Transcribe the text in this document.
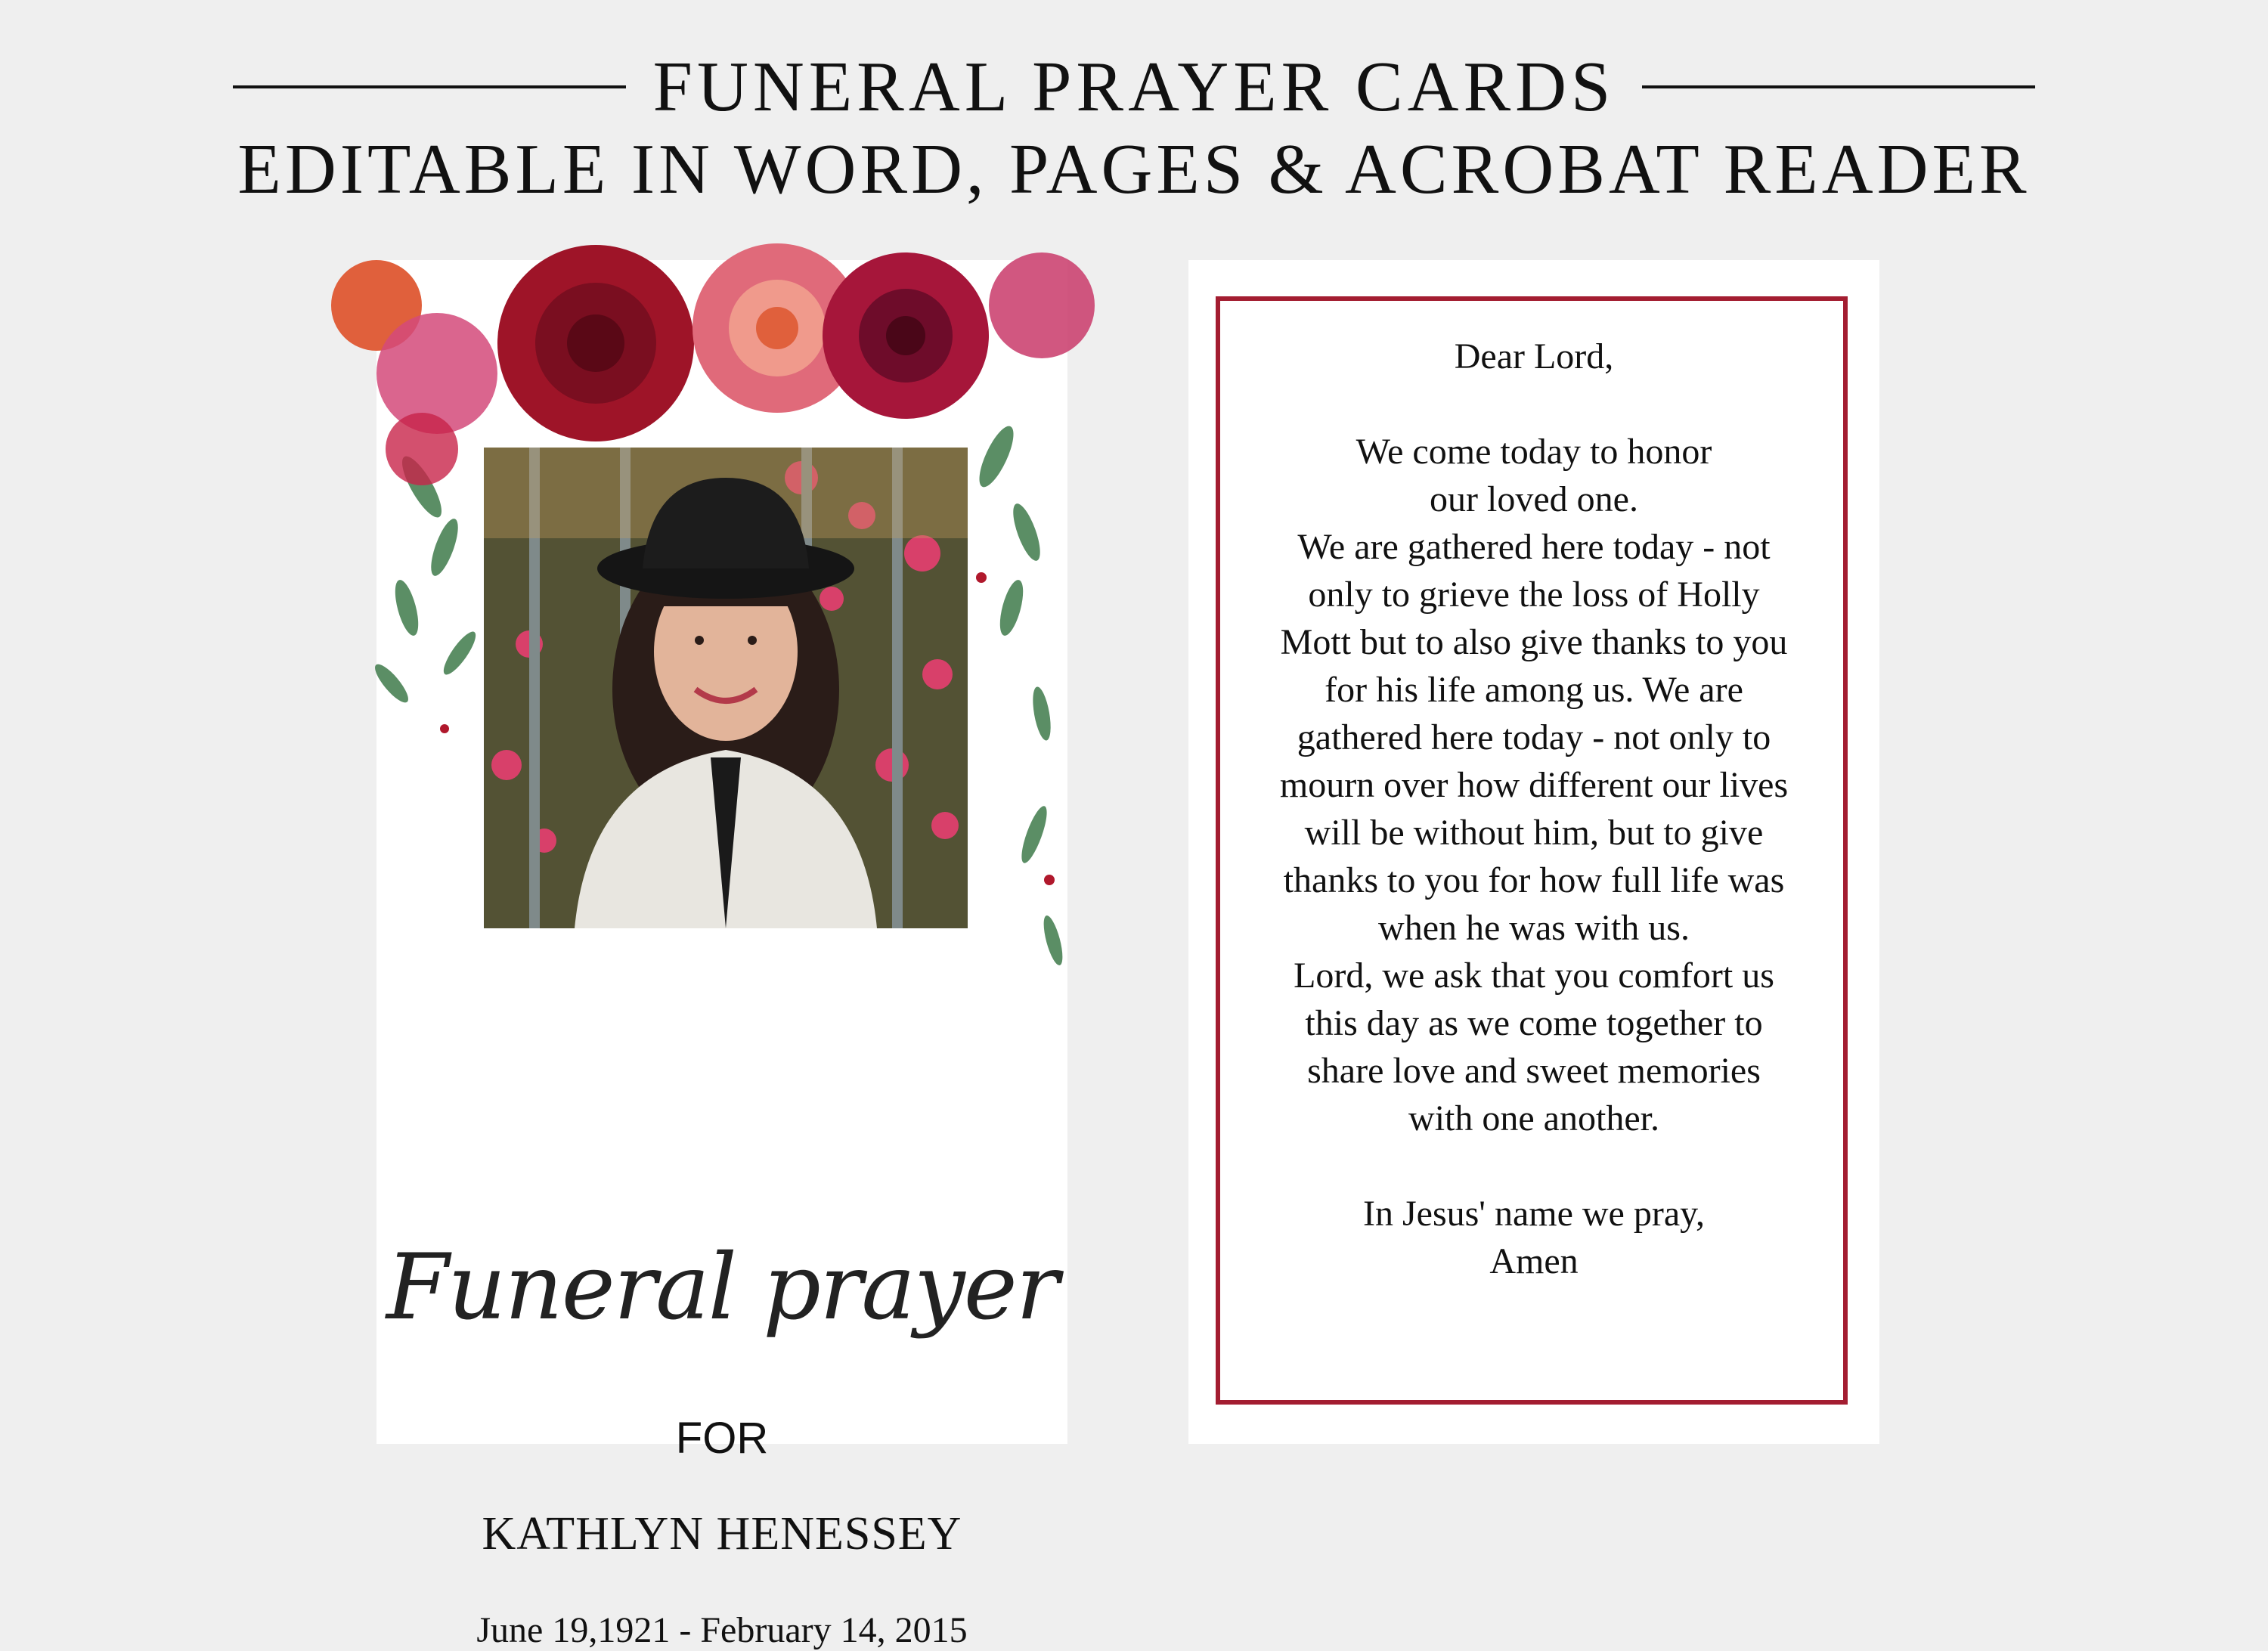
FUNERAL PRAYER CARDS
EDITABLE IN WORD, PAGES & ACROBAT READER
Funeral prayer
FOR
KATHLYN HENESSEY
June 19,1921 - February 14, 2015

Dear Lord,

We come today to honor

our loved one.

We are gathered here today - not

only to grieve the loss of Holly

Mott but to also give thanks to you

for his life among us. We are

gathered here today - not only to

mourn over how different our lives

will be without him, but to give

thanks to you for how full life was

when he was with us.

Lord, we ask that you comfort us

this day as we come together to

share love and sweet memories

with one another.

In Jesus' name we pray,

Amen
